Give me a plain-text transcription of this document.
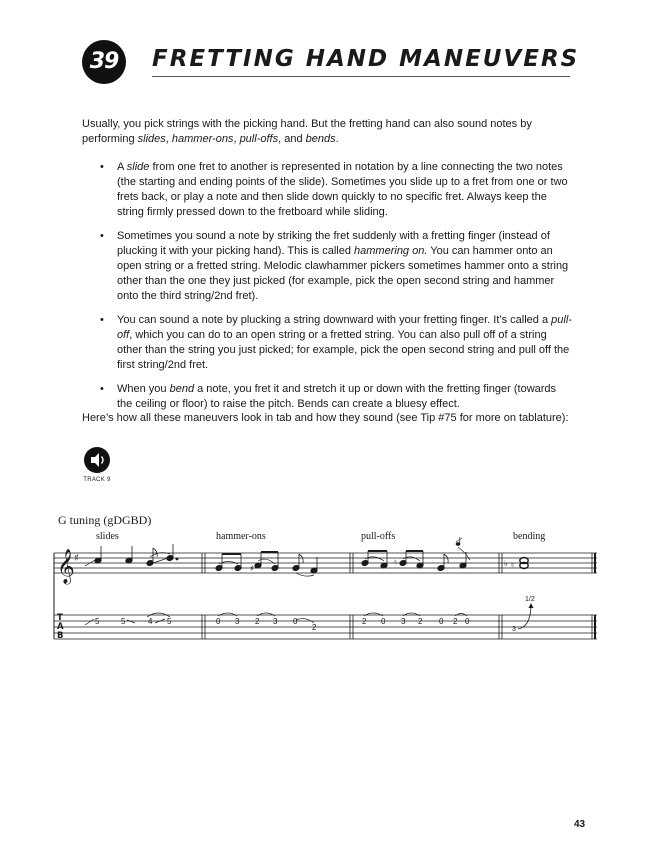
39	FRETTING HAND MANEUVERS
Usually, you pick strings with the picking hand. But the fretting hand can also sound notes by performing slides, hammer-ons, pull-offs, and bends.
• A slide from one fret to another is represented in notation by a line connecting the two notes (the starting and ending points of the slide). Sometimes you slide up to a fret from one or two frets back, or play a note and then slide down quickly to no specific fret. Always keep the string firmly pressed down to the fretboard while sliding.
• Sometimes you sound a note by striking the fret suddenly with a fretting finger (instead of plucking it with your picking hand). This is called hammering on. You can hammer onto an open string or a fretted string. Melodic clawhammer pickers sometimes hammer onto a string other than the one they just picked (for example, pick the open second string and hammer onto the third string/2nd fret).
• You can sound a note by plucking a string downward with your fretting finger. It’s called a pull-off, which you can do to an open string or a fretted string. You can also pull off of a string other than the string you just picked; for example, pick the open second string and pull off the first string/2nd fret.
• When you bend a note, you fret it and stretch it up or down with the fretting finger (towards the ceiling or floor) to raise the pitch. Bends can create a bluesy effect.
Here’s how all these maneuvers look in tab and how they sound (see Tip #75 for more on tablature):
TRACK 9
G tuning (gDGBD)
slides	hammer-ons	pull-offs	bending
𝄞 ♯
T
A
B
5	5	4 5
♯
0 3 2 3 0
2
♮
2 0 3 2 0 2 0
♭ ♮
3
1/2
43
